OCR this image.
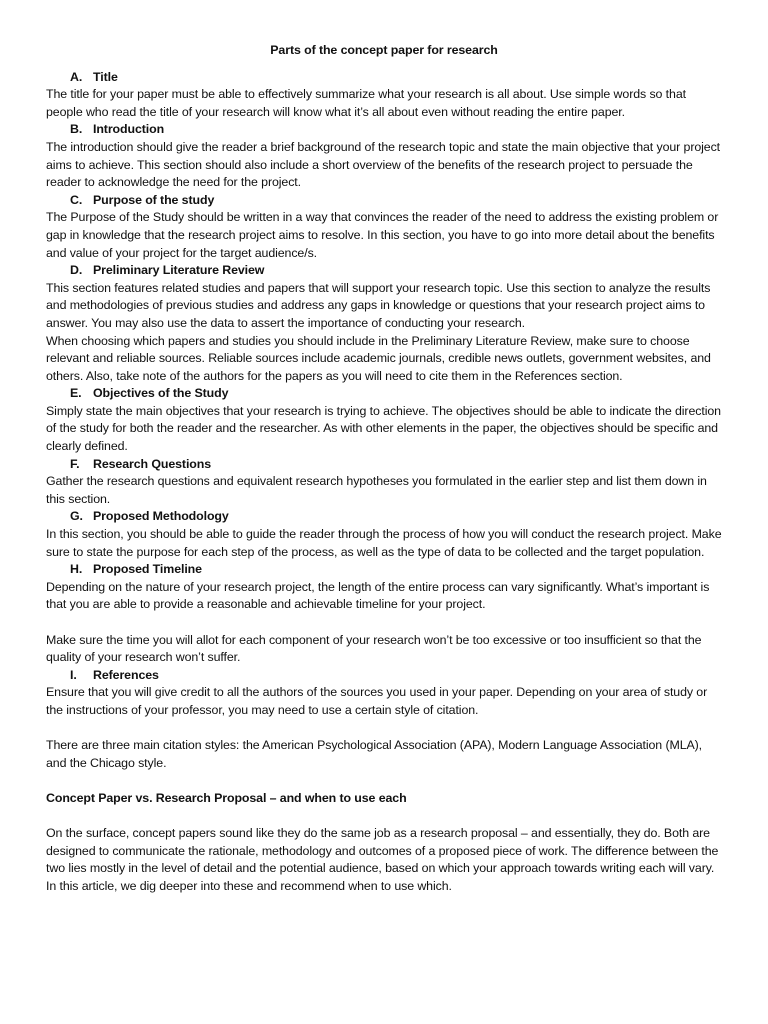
Parts of the concept paper for research
A. Title

The title for your paper must be able to effectively summarize what your research is all about. Use simple words so that people who read the title of your research will know what it’s all about even without reading the entire paper.

B. Introduction

The introduction should give the reader a brief background of the research topic and state the main objective that your project aims to achieve. This section should also include a short overview of the benefits of the research project to persuade the reader to acknowledge the need for the project.

C. Purpose of the study

The Purpose of the Study should be written in a way that convinces the reader of the need to address the existing problem or gap in knowledge that the research project aims to resolve. In this section, you have to go into more detail about the benefits and value of your project for the target audience/s.

D. Preliminary Literature Review

This section features related studies and papers that will support your research topic. Use this section to analyze the results and methodologies of previous studies and address any gaps in knowledge or questions that your research project aims to answer. You may also use the data to assert the importance of conducting your research.

When choosing which papers and studies you should include in the Preliminary Literature Review, make sure to choose relevant and reliable sources. Reliable sources include academic journals, credible news outlets, government websites, and others. Also, take note of the authors for the papers as you will need to cite them in the References section.

E. Objectives of the Study

Simply state the main objectives that your research is trying to achieve. The objectives should be able to indicate the direction of the study for both the reader and the researcher. As with other elements in the paper, the objectives should be specific and clearly defined.

F. Research Questions

Gather the research questions and equivalent research hypotheses you formulated in the earlier step and list them down in this section.

G. Proposed Methodology

In this section, you should be able to guide the reader through the process of how you will conduct the research project. Make sure to state the purpose for each step of the process, as well as the type of data to be collected and the target population.

H. Proposed Timeline

Depending on the nature of your research project, the length of the entire process can vary significantly. What’s important is that you are able to provide a reasonable and achievable timeline for your project.

Make sure the time you will allot for each component of your research won’t be too excessive or too insufficient so that the quality of your research won’t suffer.

I. References

Ensure that you will give credit to all the authors of the sources you used in your paper. Depending on your area of study or the instructions of your professor, you may need to use a certain style of citation.

There are three main citation styles: the American Psychological Association (APA), Modern Language Association (MLA), and the Chicago style.

Concept Paper vs. Research Proposal – and when to use each

On the surface, concept papers sound like they do the same job as a research proposal – and essentially, they do. Both are designed to communicate the rationale, methodology and outcomes of a proposed piece of work. The difference between the two lies mostly in the level of detail and the potential audience, based on which your approach towards writing each will vary. In this article, we dig deeper into these and recommend when to use which.
